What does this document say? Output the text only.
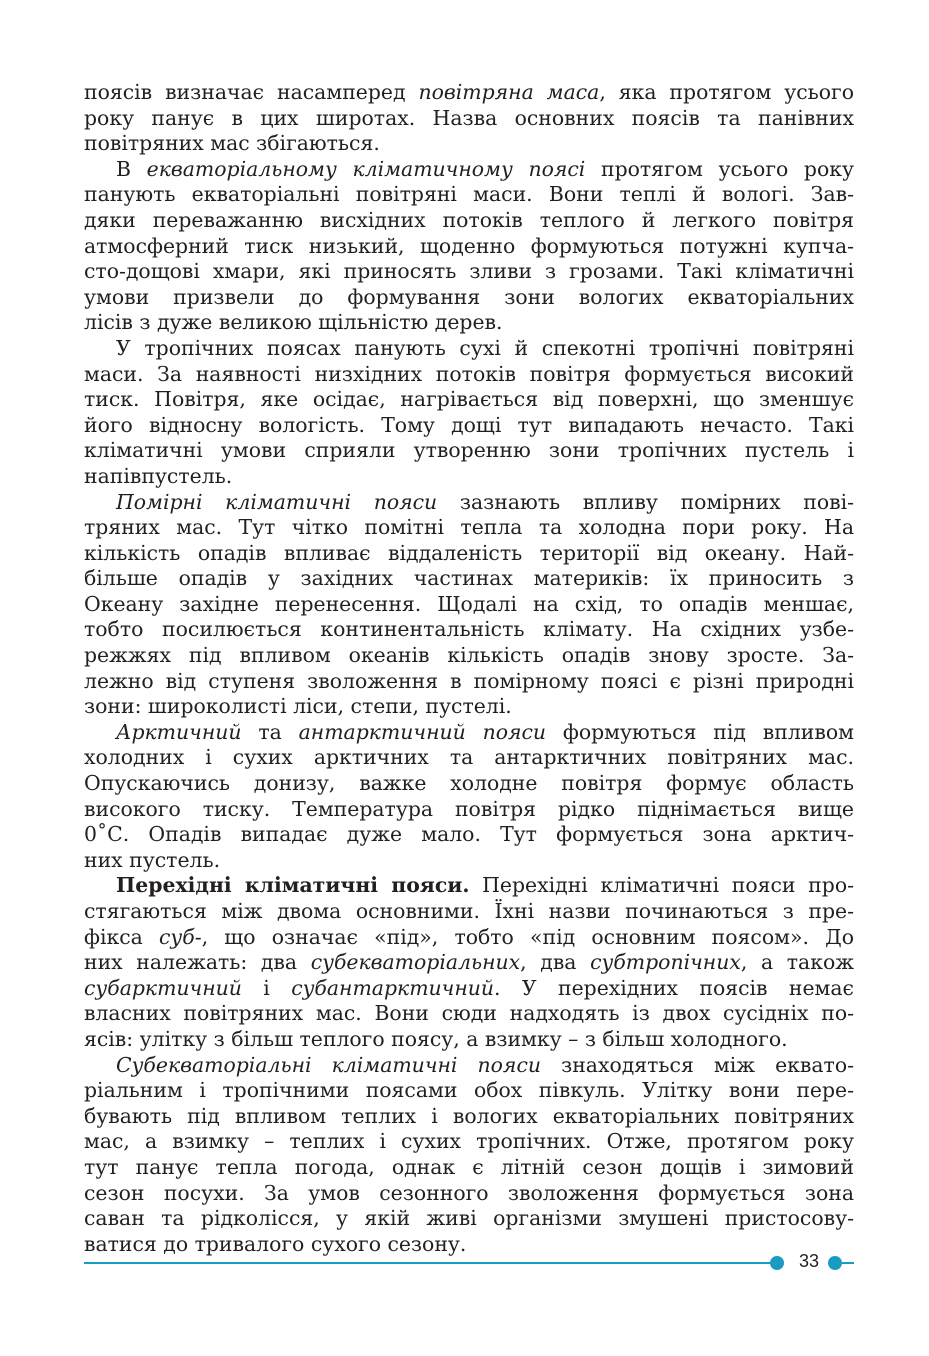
поясів визначає насамперед повітряна маса, яка протягом усього
року панує в цих широтах. Назва основних поясів та панівних
повітряних мас збігаються.

В екваторіальному кліматичному поясі протягом усього року
панують екваторіальні повітряні маси. Вони теплі й вологі. Зав-
дяки переважанню висхідних потоків теплого й легкого повітря
атмосферний тиск низький, щоденно формуються потужні купча-
сто-дощові хмари, які приносять зливи з грозами. Такі кліматичні
умови призвели до формування зони вологих екваторіальних
лісів з дуже великою щільністю дерев.

У тропічних поясах панують сухі й спекотні тропічні повітряні
маси. За наявності низхідних потоків повітря формується високий
тиск. Повітря, яке осідає, нагрівається від поверхні, що зменшує
його відносну вологість. Тому дощі тут випадають нечасто. Такі
кліматичні умови сприяли утворенню зони тропічних пустель і
напівпустель.

Помірні кліматичні пояси зазнають впливу помірних пові-
тряних мас. Тут чітко помітні тепла та холодна пори року. На
кількість опадів впливає віддаленість території від океану. Най-
більше опадів у західних частинах материків: їх приносить з
Океану західне перенесення. Щодалі на схід, то опадів меншає,
тобто посилюється континентальність клімату. На східних узбе-
режжях під впливом океанів кількість опадів знову зросте. За-
лежно від ступеня зволоження в помірному поясі є різні природні
зони: широколисті ліси, степи, пустелі.

Арктичний та антарктичний пояси формуються під впливом
холодних і сухих арктичних та антарктичних повітряних мас.
Опускаючись донизу, важке холодне повітря формує область
високого тиску. Температура повітря рідко піднімається вище
0˚С. Опадів випадає дуже мало. Тут формується зона арктич-
них пустель.

Перехідні кліматичні пояси. Перехідні кліматичні пояси про-
стягаються між двома основними. Їхні назви починаються з пре-
фікса суб-, що означає «під», тобто «під основним поясом». До
них належать: два субекваторіальних, два субтропічних, а також
субарктичний і субантарктичний. У перехідних поясів немає
власних повітряних мас. Вони сюди надходять із двох сусідніх по-
ясів: улітку з більш теплого поясу, а взимку – з більш холодного.

Субекваторіальні кліматичні пояси знаходяться між еквато-
ріальним і тропічними поясами обох півкуль. Улітку вони пере-
бувають під впливом теплих і вологих екваторіальних повітряних
мас, а взимку – теплих і сухих тропічних. Отже, протягом року
тут панує тепла погода, однак є літній сезон дощів і зимовий
сезон посухи. За умов сезонного зволоження формується зона
саван та рідколісся, у якій живі організми змушені пристосову-
ватися до тривалого сухого сезону.

33
